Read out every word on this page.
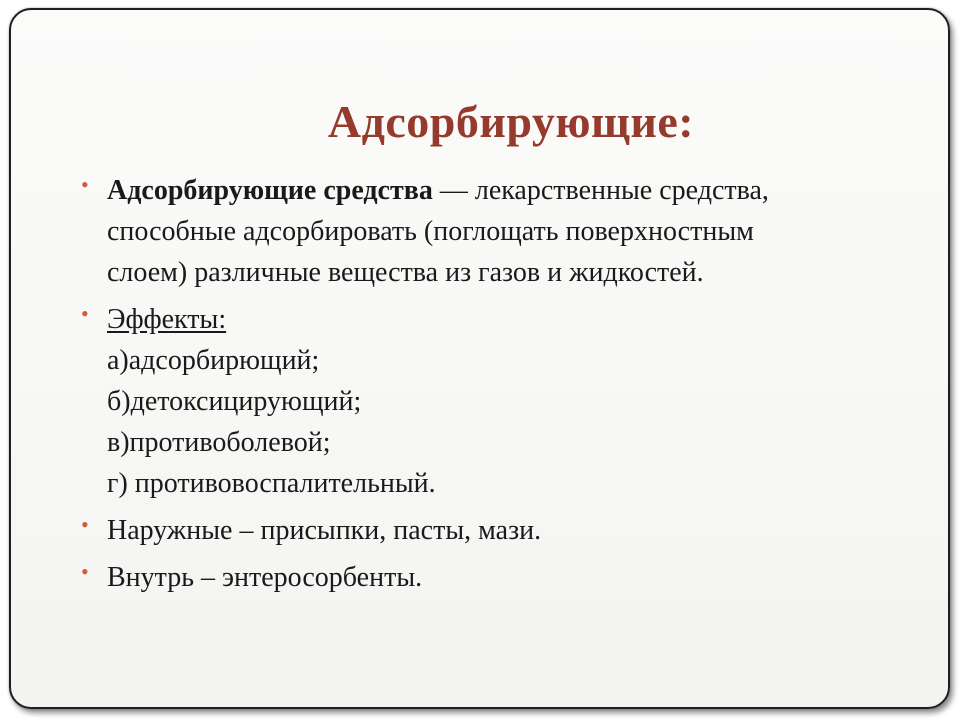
Адсорбирующие:
• Адсорбирующие средства — лекарственные средства,
способные адсорбировать (поглощать поверхностным
слоем) различные вещества из газов и жидкостей.
• Эффекты:
а)адсорбирющий;
б)детоксицирующий;
в)противоболевой;
г) противовоспалительный.
• Наружные – присыпки, пасты, мази.
• Внутрь – энтеросорбенты.
